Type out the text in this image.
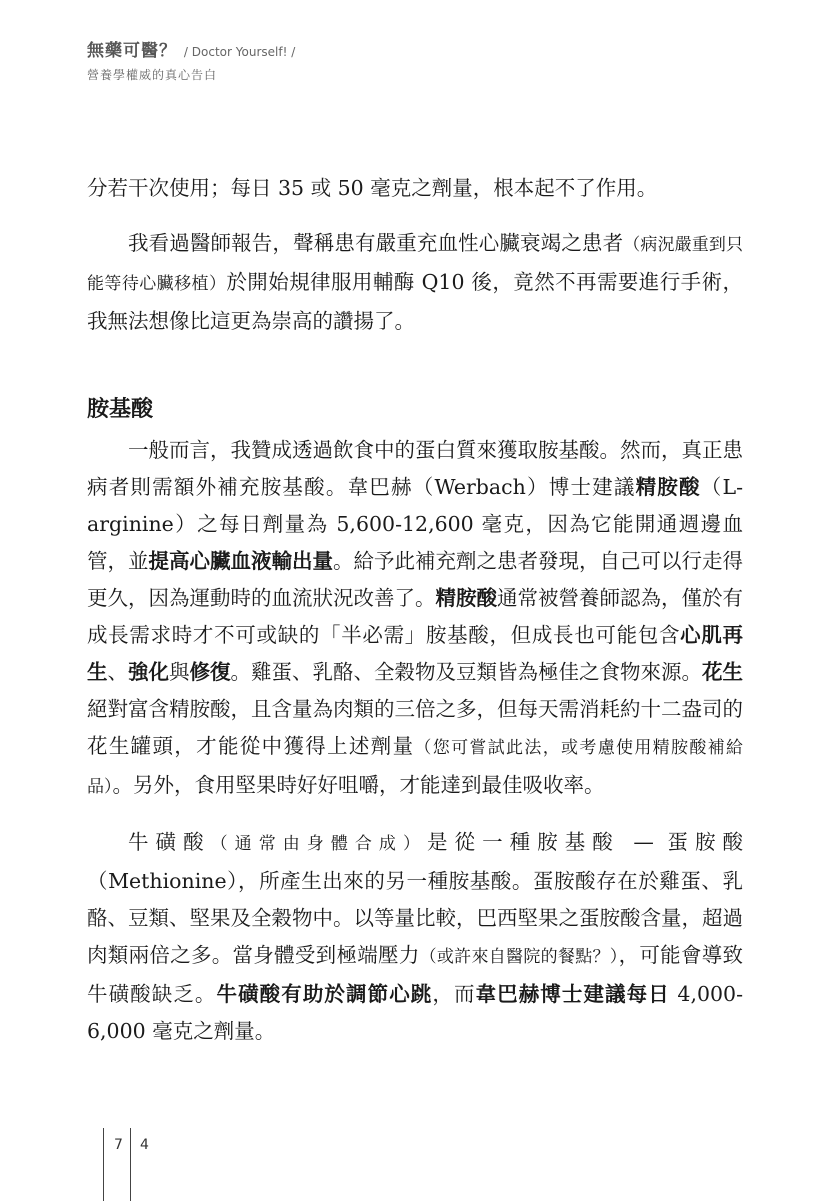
無藥可醫？ / Doctor Yourself! /
營養學權威的真心告白

分若干次使用；每日 35 或 50 毫克之劑量，根本起不了作用。

我看過醫師報告，聲稱患有嚴重充血性心臟衰竭之患者（病況嚴重到只能等待心臟移植）於開始規律服用輔酶 Q10 後，竟然不再需要進行手術，我無法想像比這更為崇高的讚揚了。

胺基酸

一般而言，我贊成透過飲食中的蛋白質來獲取胺基酸。然而，真正患病者則需額外補充胺基酸。韋巴赫（Werbach）博士建議精胺酸（L-arginine）之每日劑量為 5,600-12,600 毫克，因為它能開通週邊血管，並提高心臟血液輸出量。給予此補充劑之患者發現，自己可以行走得更久，因為運動時的血流狀況改善了。精胺酸通常被營養師認為，僅於有成長需求時才不可或缺的「半必需」胺基酸，但成長也可能包含心肌再生、強化與修復。雞蛋、乳酪、全穀物及豆類皆為極佳之食物來源。花生絕對富含精胺酸，且含量為肉類的三倍之多，但每天需消耗約十二盎司的花生罐頭，才能從中獲得上述劑量（您可嘗試此法，或考慮使用精胺酸補給品）。另外，食用堅果時好好咀嚼，才能達到最佳吸收率。

牛磺酸（通常由身體合成）是從一種胺基酸 — 蛋胺酸（Methionine），所產生出來的另一種胺基酸。蛋胺酸存在於雞蛋、乳酪、豆類、堅果及全穀物中。以等量比較，巴西堅果之蛋胺酸含量，超過肉類兩倍之多。當身體受到極端壓力（或許來自醫院的餐點？），可能會導致牛磺酸缺乏。牛磺酸有助於調節心跳，而韋巴赫博士建議每日 4,000-6,000 毫克之劑量。

7 4
